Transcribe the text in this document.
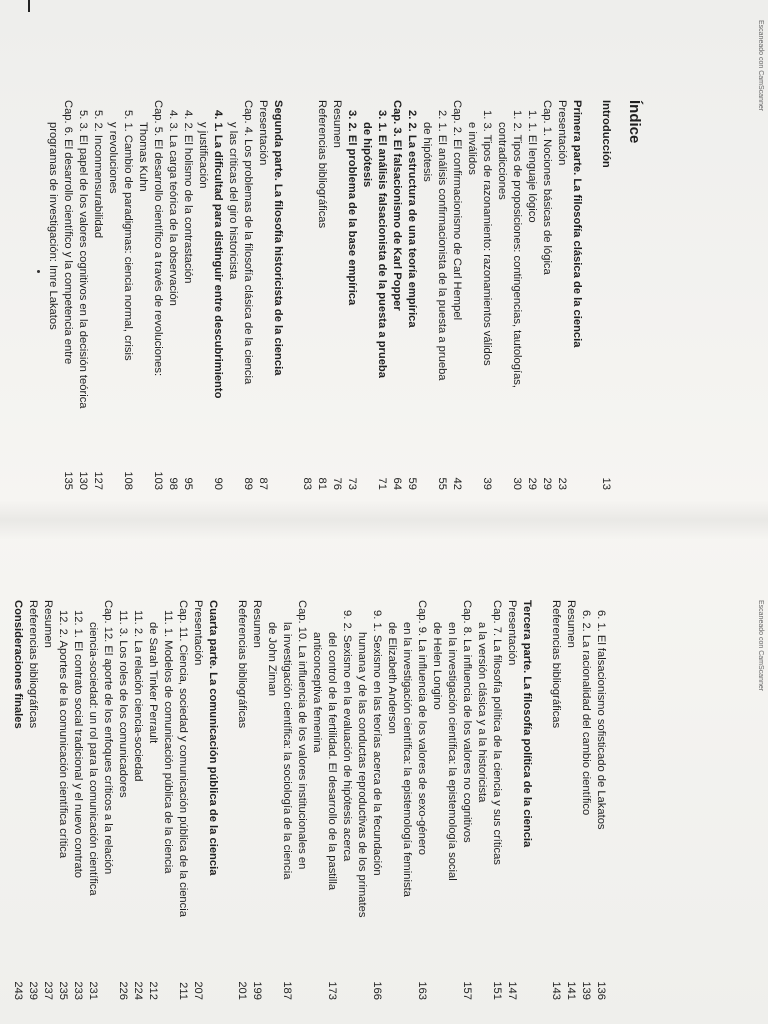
Escaneado con CamScanner
Escaneado con CamScanner
Índice
Introducción
13
Primera parte. La filosofía clásica de la ciencia
Presentación
23
Cap. 1. Nociones básicas de lógica
29
1. 1. El lenguaje lógico
29
1. 2. Tipos de proposiciones: contingencias, tautologías,
30
contradicciones
1. 3. Tipos de razonamiento: razonamientos válidos
39
e inválidos
Cap. 2. El confirmacionismo de Carl Hempel
42
2. 1. El análisis confirmacionista de la puesta a prueba
55
de hipótesis
2. 2. La estructura de una teoría empírica
59
Cap. 3. El falsacionismo de Karl Popper
64
3. 1. El análisis falsacionista de la puesta a prueba
71
de hipótesis
3. 2. El problema de la base empírica
73
Resumen
76
Referencias bibliográficas
81
83
Segunda parte. La filosofía historicista de la ciencia
Presentación
87
Cap. 4. Los problemas de la filosofía clásica de la ciencia
89
y las críticas del giro historicista
4. 1. La dificultad para distinguir entre descubrimiento
90
y justificación
4. 2. El holismo de la contrastación
95
4. 3. La carga teórica de la observación
98
Cap. 5. El desarrollo científico a través de revoluciones:
103
Thomas Kuhn
5. 1. Cambio de paradigmas: ciencia normal, crisis
108
y revoluciones
5. 2. Inconmensurabilidad
127
5. 3. El papel de los valores cognitivos en la decisión teórica
130
Cap. 6. El desarrollo científico y la competencia entre
135
programas de investigación: Imre Lakatos
6. 1. El falsacionismo sofisticado de Lakatos
136
6. 2. La racionalidad del cambio científico
139
Resumen
141
Referencias bibliográficas
143
Tercera parte. La filosofía política de la ciencia
Presentación
147
Cap. 7. La filosofía política de la ciencia y sus críticas
151
a la versión clásica y a la historicista
Cap. 8. La influencia de los valores no cognitivos
157
en la investigación científica: la epistemología social
de Helen Longino
Cap. 9. La influencia de los valores de sexo-género
163
en la investigación científica: la epistemología feminista
de Elizabeth Anderson
9. 1. Sexismo en las teorías acerca de la fecundación
166
humana y de las conductas reproductivas de los primates
9. 2. Sexismo en la evaluación de hipótesis acerca
del control de la fertilidad. El desarrollo de la pastilla
173
anticonceptiva femenina
Cap. 10. La influencia de los valores institucionales en
la investigación científica: la sociología de la ciencia
187
de John Ziman
Resumen
199
Referencias bibliográficas
201
Cuarta parte. La comunicación pública de la ciencia
Presentación
207
Cap. 11. Ciencia, sociedad y comunicación pública de la ciencia
211
11. 1. Modelos de comunicación pública de la ciencia
de Sarah Tinker Perrault
212
11. 2. La relación ciencia-sociedad
224
11. 3. Los roles de los comunicadores
226
Cap. 12. El aporte de los enfoques críticos a la relación
ciencia-sociedad: un rol para la comunicación científica
231
12. 1. El contrato social tradicional y el nuevo contrato
233
12. 2. Aportes de la comunicación científica crítica
235
Resumen
237
Referencias bibliográficas
239
Consideraciones finales
243
